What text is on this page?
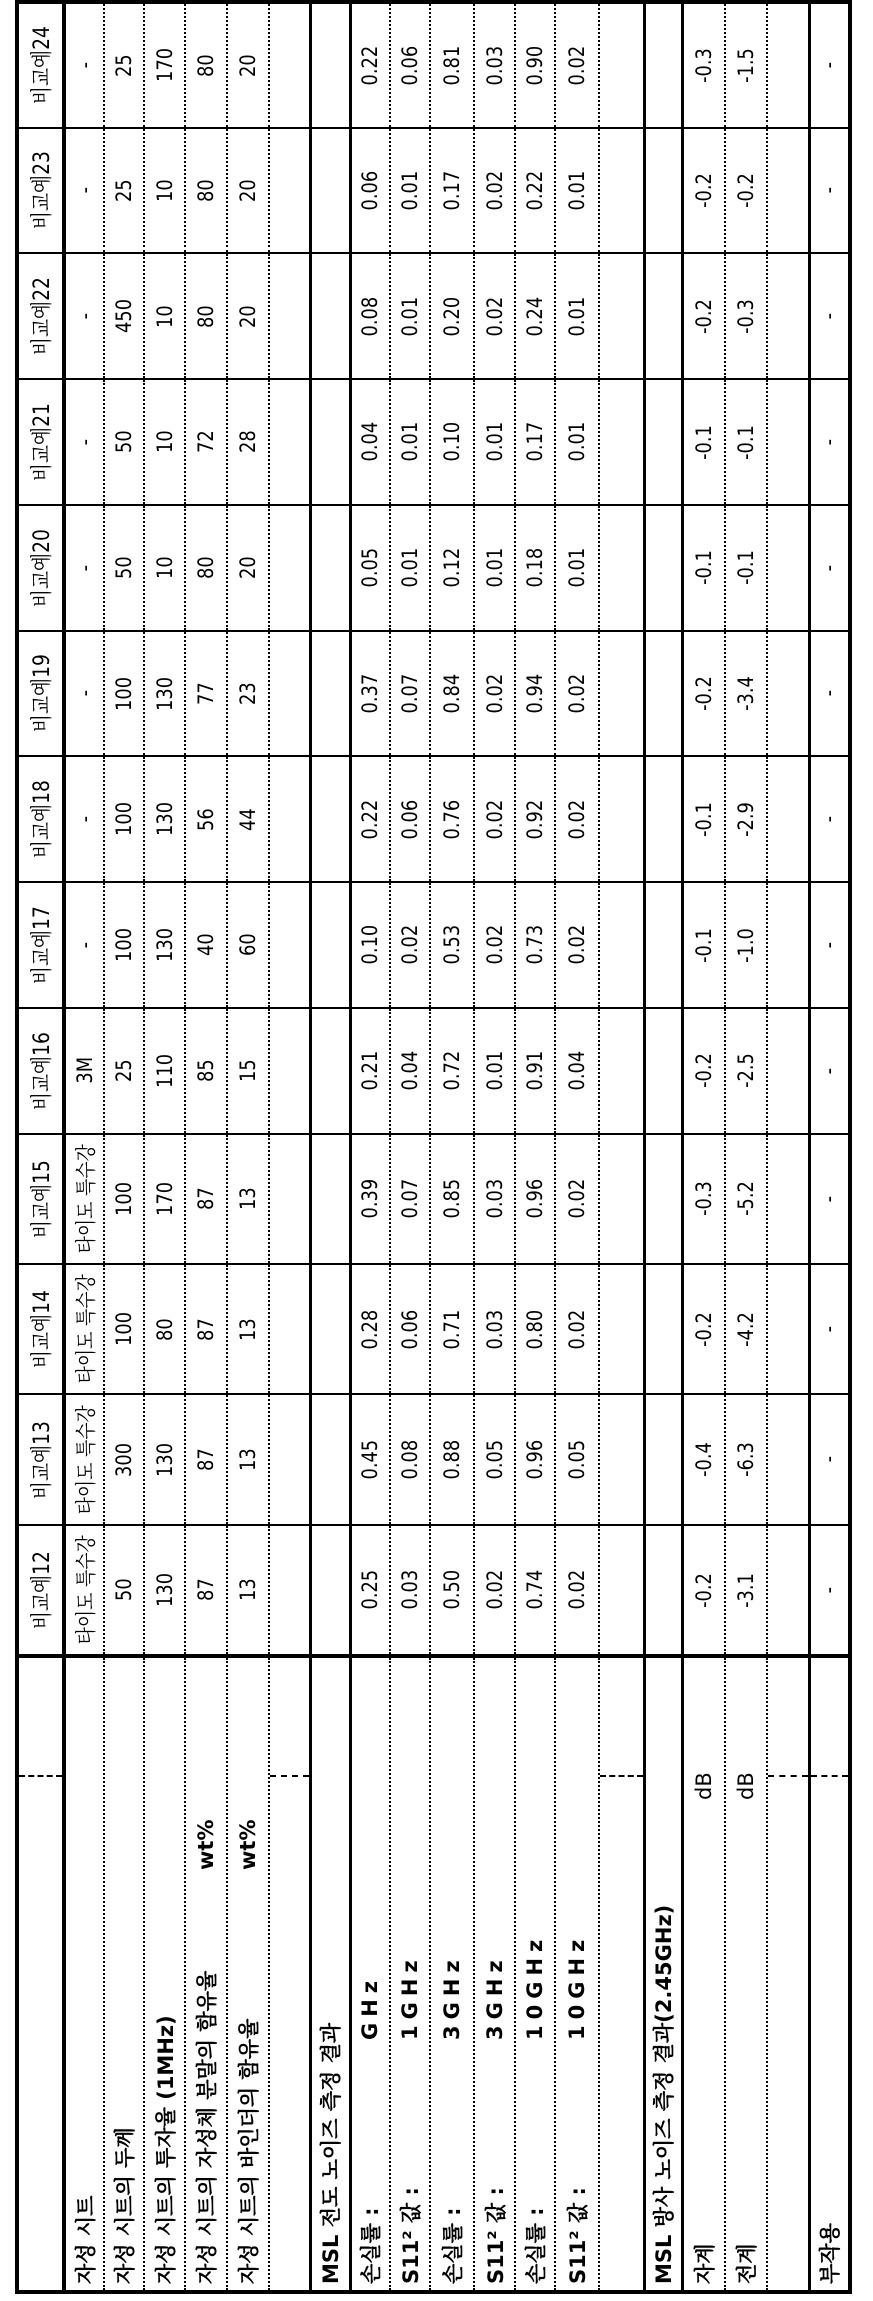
	비교예12	비교예13	비교예14	비교예15	비교예16	비교예17	비교예18	비교예19	비교예20	비교예21	비교예22	비교예23	비교예24

자성 시트
	타이도 특수강	타이도 특수강	타이도 특수강	타이도 특수강	3M	-	-	-	-	-	-	-	-

자성 시트의 두께
	50	300	100	100	25	100	100	100	50	50	450	25	25

자성 시트의 투자율 (1MHz)
	130	130	80	170	110	130	130	130	10	10	10	10	170

자성 시트의 자성체 분말의 함유율
wt%
	87	87	87	87	85	40	56	77	80	72	80	80	80

자성 시트의 바인더의 함유율
wt%
	13	13	13	13	15	60	44	23	20	28	20	20	20

MSL 전도 노이즈 측정 결과													손실률 :
GHz
	0.25	0.45	0.28	0.39	0.21	0.10	0.22	0.37	0.05	0.04	0.08	0.06	0.22

S11² 값 :
1GHz
	0.03	0.08	0.06	0.07	0.04	0.02	0.06	0.07	0.01	0.01	0.01	0.01	0.06

손실률 :
3GHz
	0.50	0.88	0.71	0.85	0.72	0.53	0.76	0.84	0.12	0.10	0.20	0.17	0.81

S11² 값 :
3GHz
	0.02	0.05	0.03	0.03	0.01	0.02	0.02	0.02	0.01	0.01	0.02	0.02	0.03

손실률 :
10GHz
	0.74	0.96	0.80	0.96	0.91	0.73	0.92	0.94	0.18	0.17	0.24	0.22	0.90

S11² 값 :
10GHz
	0.02	0.05	0.02	0.02	0.04	0.02	0.02	0.02	0.01	0.01	0.01	0.01	0.02

MSL 방사 노이즈 측정 결과(2.45GHz)													자계
dB
	-0.2	-0.4	-0.2	-0.3	-0.2	-0.1	-0.1	-0.2	-0.1	-0.1	-0.2	-0.2	-0.3

전계
dB
	-3.1	-6.3	-4.2	-5.2	-2.5	-1.0	-2.9	-3.4	-0.1	-0.1	-0.3	-0.2	-1.5

부작용
	-	-	-	-	-	-	-	-	-	-	-	-	-
